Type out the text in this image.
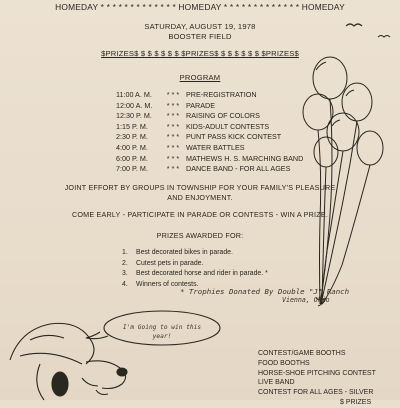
HOMEDAY * * * * * * * * * * * * * HOMEDAY * * * * * * * * * * * * * HOMEDAY
SATURDAY, AUGUST 19, 1978
BOOSTER FIELD
$PRIZES$ $ $ $ $ $ $ $PRIZES$ $ $ $ $ $ $ $PRIZES$
PROGRAM
11:00 A. M.	* * * PRE-REGISTRATION
12:00 A. M.	* * * PARADE
12:30 P. M.	* * * RAISING OF COLORS
1:15 P. M.	* * * KIDS-ADULT CONTESTS
2:30 P. M.	* * * PUNT PASS KICK CONTEST
4:00 P. M.	* * * WATER BATTLES
6:00 P. M.	* * * MATHEWS H. S. MARCHING BAND
7:00 P. M.	* * * DANCE BAND - FOR ALL AGES
JOINT EFFORT BY GROUPS IN TOWNSHIP FOR YOUR FAMILY'S PLEASURE
AND ENJOYMENT.
COME EARLY - PARTICIPATE IN PARADE OR CONTESTS - WIN A PRIZE.
PRIZES AWARDED FOR:
1.	Best decorated bikes in parade.
2.	Cutest pets in parade.
3.	Best decorated horse and rider in parade. *
4.	Winners of contests.
* Trophies Donated By Double "J" Ranch
Vienna, Ohio
I'm Going to win this year!
CONTEST/GAME BOOTHS
FOOD BOOTHS
HORSE-SHOE PITCHING CONTEST
LIVE BAND
CONTEST FOR ALL AGES - SILVER
$ PRIZES
